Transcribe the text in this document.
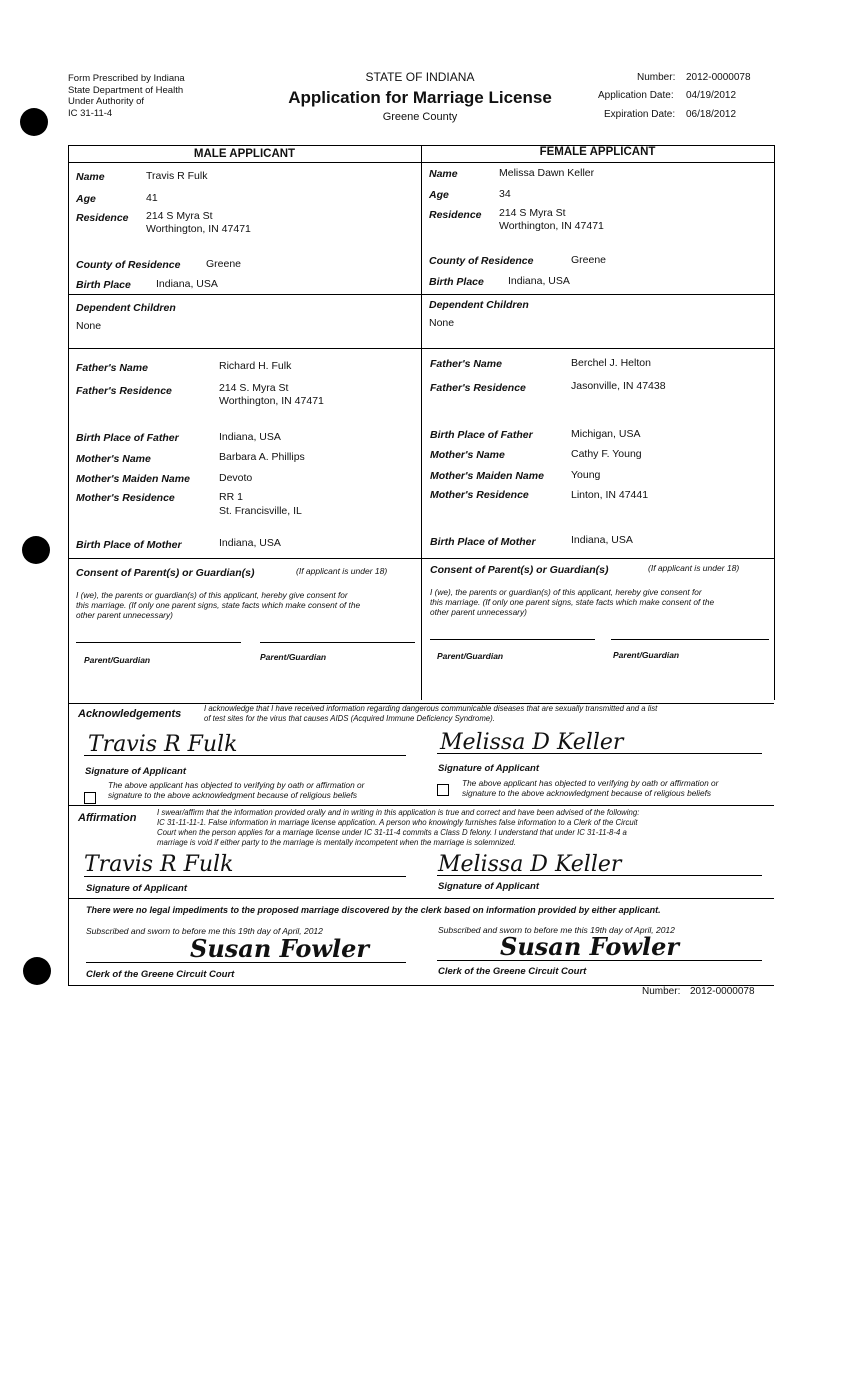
Form Prescribed by Indiana
State Department of Health
Under Authority of
IC 31-11-4
STATE OF INDIANA
Application for Marriage License
Greene County
Number: 2012-0000078
Application Date: 04/19/2012
Expiration Date: 06/18/2012
MALE APPLICANT	FEMALE APPLICANT
Name	Travis R Fulk
Age	41
Residence 214 S Myra St
Worthington, IN 47471
County of Residence Greene
Birth Place Indiana, USA
Dependent Children
None
Father's Name	Richard H. Fulk
Father's Residence	214 S. Myra St
Worthington, IN 47471
Birth Place of Father	Indiana, USA
Mother's Name	Barbara A. Phillips
Mother's Maiden Name	Devoto
Mother's Residence	RR 1
St. Francisville, IL
Birth Place of Mother	Indiana, USA
Consent of Parent(s) or Guardian(s)	(If applicant is under 18)
I (we), the parents or guardian(s) of this applicant, hereby give consent for
this marriage. (If only one parent signs, state facts which make consent of the
other parent unnecessary)
Parent/Guardian	Parent/Guardian
Name	Melissa Dawn Keller
Age	34
Residence 214 S Myra St
Worthington, IN 47471
County of Residence	Greene
Birth Place Indiana, USA
Dependent Children
None
Father's Name	Berchel J. Helton
Father's Residence	Jasonville, IN 47438
Birth Place of Father	Michigan, USA
Mother's Name	Cathy F. Young
Mother's Maiden Name	Young
Mother's Residence	Linton, IN 47441
Birth Place of Mother	Indiana, USA
Consent of Parent(s) or Guardian(s)	(If applicant is under 18)
I (we), the parents or guardian(s) of this applicant, hereby give consent for
this marriage. (If only one parent signs, state facts which make consent of the
other parent unnecessary)
Parent/Guardian	Parent/Guardian
Acknowledgements	I acknowledge that I have received information regarding dangerous communicable diseases that are sexually transmitted and a list
of test sites for the virus that causes AIDS (Acquired Immune Deficiency Syndrome).
Travis R Fulk
Signature of Applicant
The above applicant has objected to verifying by oath or affirmation or
signature to the above acknowledgment because of religious beliefs
Melissa D Keller
Signature of Applicant
The above applicant has objected to verifying by oath or affirmation or
signature to the above acknowledgment because of religious beliefs
Affirmation	I swear/affirm that the information provided orally and in writing in this application is true and correct and have been advised of the following:
IC 31-11-11-1. False information in marriage license application. A person who knowingly furnishes false information to a Clerk of the Circuit
Court when the person applies for a marriage license under IC 31-11-4 commits a Class D felony. I understand that under IC 31-11-8-4 a
marriage is void if either party to the marriage is mentally incompetent when the marriage is solemnized.
Travis R Fulk
Signature of Applicant
Melissa D Keller
Signature of Applicant
There were no legal impediments to the proposed marriage discovered by the clerk based on information provided by either applicant.
Subscribed and sworn to before me this 19th day of April, 2012
Susan Fowler
Clerk of the Greene Circuit Court
Subscribed and sworn to before me this 19th day of April, 2012
Susan Fowler
Clerk of the Greene Circuit Court
Number: 2012-0000078
